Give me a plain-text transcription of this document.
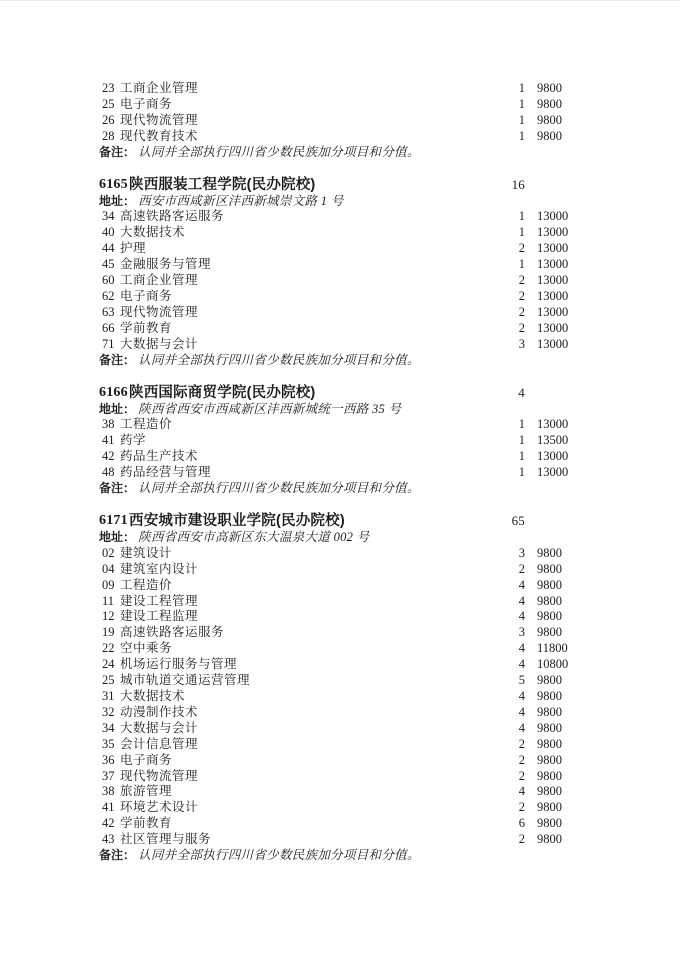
23 工商企业管理	1 9800
25 电子商务	1 9800
26 现代物流管理	1 9800
28 现代教育技术	1 9800
备注： 认同并全部执行四川省少数民族加分项目和分值。
6165 陕西服装工程学院(民办院校)	16
地址： 西安市西咸新区沣西新城崇文路 1 号
34 高速铁路客运服务	1 13000
40 大数据技术	1 13000
44 护理	2 13000
45 金融服务与管理	1 13000
60 工商企业管理	2 13000
62 电子商务	2 13000
63 现代物流管理	2 13000
66 学前教育	2 13000
71 大数据与会计	3 13000
备注： 认同并全部执行四川省少数民族加分项目和分值。
6166 陕西国际商贸学院(民办院校)	4
地址： 陕西省西安市西咸新区沣西新城统一西路 35 号
38 工程造价	1 13000
41 药学	1 13500
42 药品生产技术	1 13000
48 药品经营与管理	1 13000
备注： 认同并全部执行四川省少数民族加分项目和分值。
6171 西安城市建设职业学院(民办院校)	65
地址： 陕西省西安市高新区东大温泉大道 002 号
02 建筑设计	3 9800
04 建筑室内设计	2 9800
09 工程造价	4 9800
11 建设工程管理	4 9800
12 建设工程监理	4 9800
19 高速铁路客运服务	3 9800
22 空中乘务	4 11800
24 机场运行服务与管理	4 10800
25 城市轨道交通运营管理	5 9800
31 大数据技术	4 9800
32 动漫制作技术	4 9800
34 大数据与会计	4 9800
35 会计信息管理	2 9800
36 电子商务	2 9800
37 现代物流管理	2 9800
38 旅游管理	4 9800
41 环境艺术设计	2 9800
42 学前教育	6 9800
43 社区管理与服务	2 9800
备注： 认同并全部执行四川省少数民族加分项目和分值。
